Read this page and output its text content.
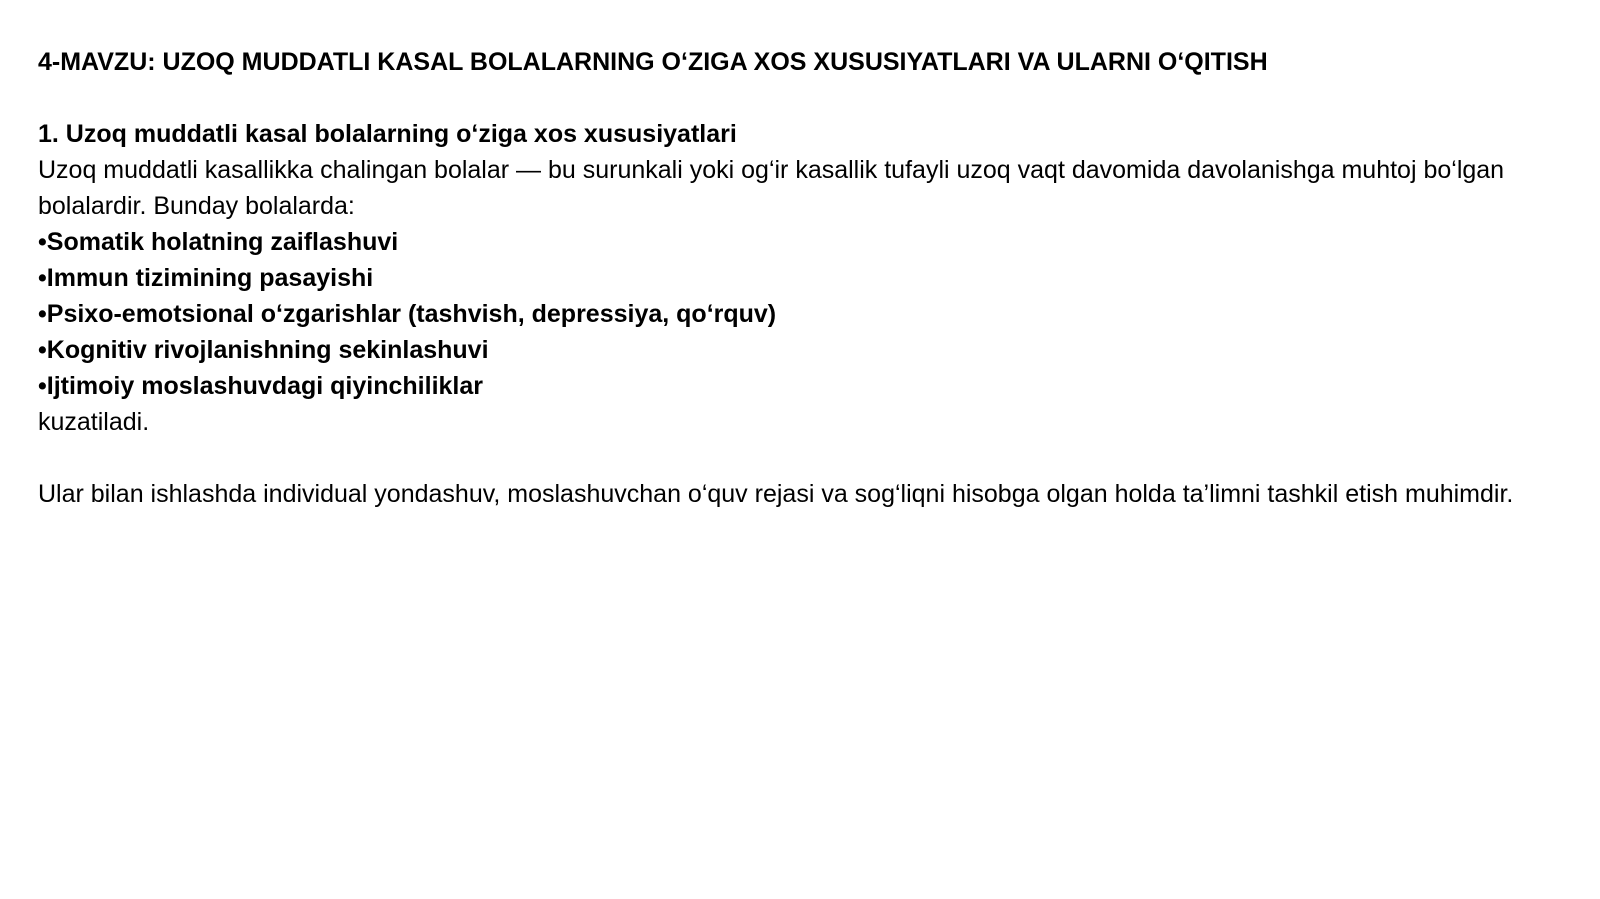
4-MAVZU: UZOQ MUDDATLI KASAL BOLALARNING O‘ZIGA XOS XUSUSIYATLARI VA ULARNI O‘QITISH

1. Uzoq muddatli kasal bolalarning o‘ziga xos xususiyatlari

Uzoq muddatli kasallikka chalingan bolalar — bu surunkali yoki og‘ir kasallik tufayli uzoq vaqt davomida davolanishga muhtoj bo‘lgan bolalardir. Bunday bolalarda:

•Somatik holatning zaiflashuvi
•Immun tizimining pasayishi
•Psixo-emotsional o‘zgarishlar (tashvish, depressiya, qo‘rquv)
•Kognitiv rivojlanishning sekinlashuvi
•Ijtimoiy moslashuvdagi qiyinchiliklar

kuzatiladi.

Ular bilan ishlashda individual yondashuv, moslashuvchan o‘quv rejasi va sog‘liqni hisobga olgan holda ta’limni tashkil etish muhimdir.
